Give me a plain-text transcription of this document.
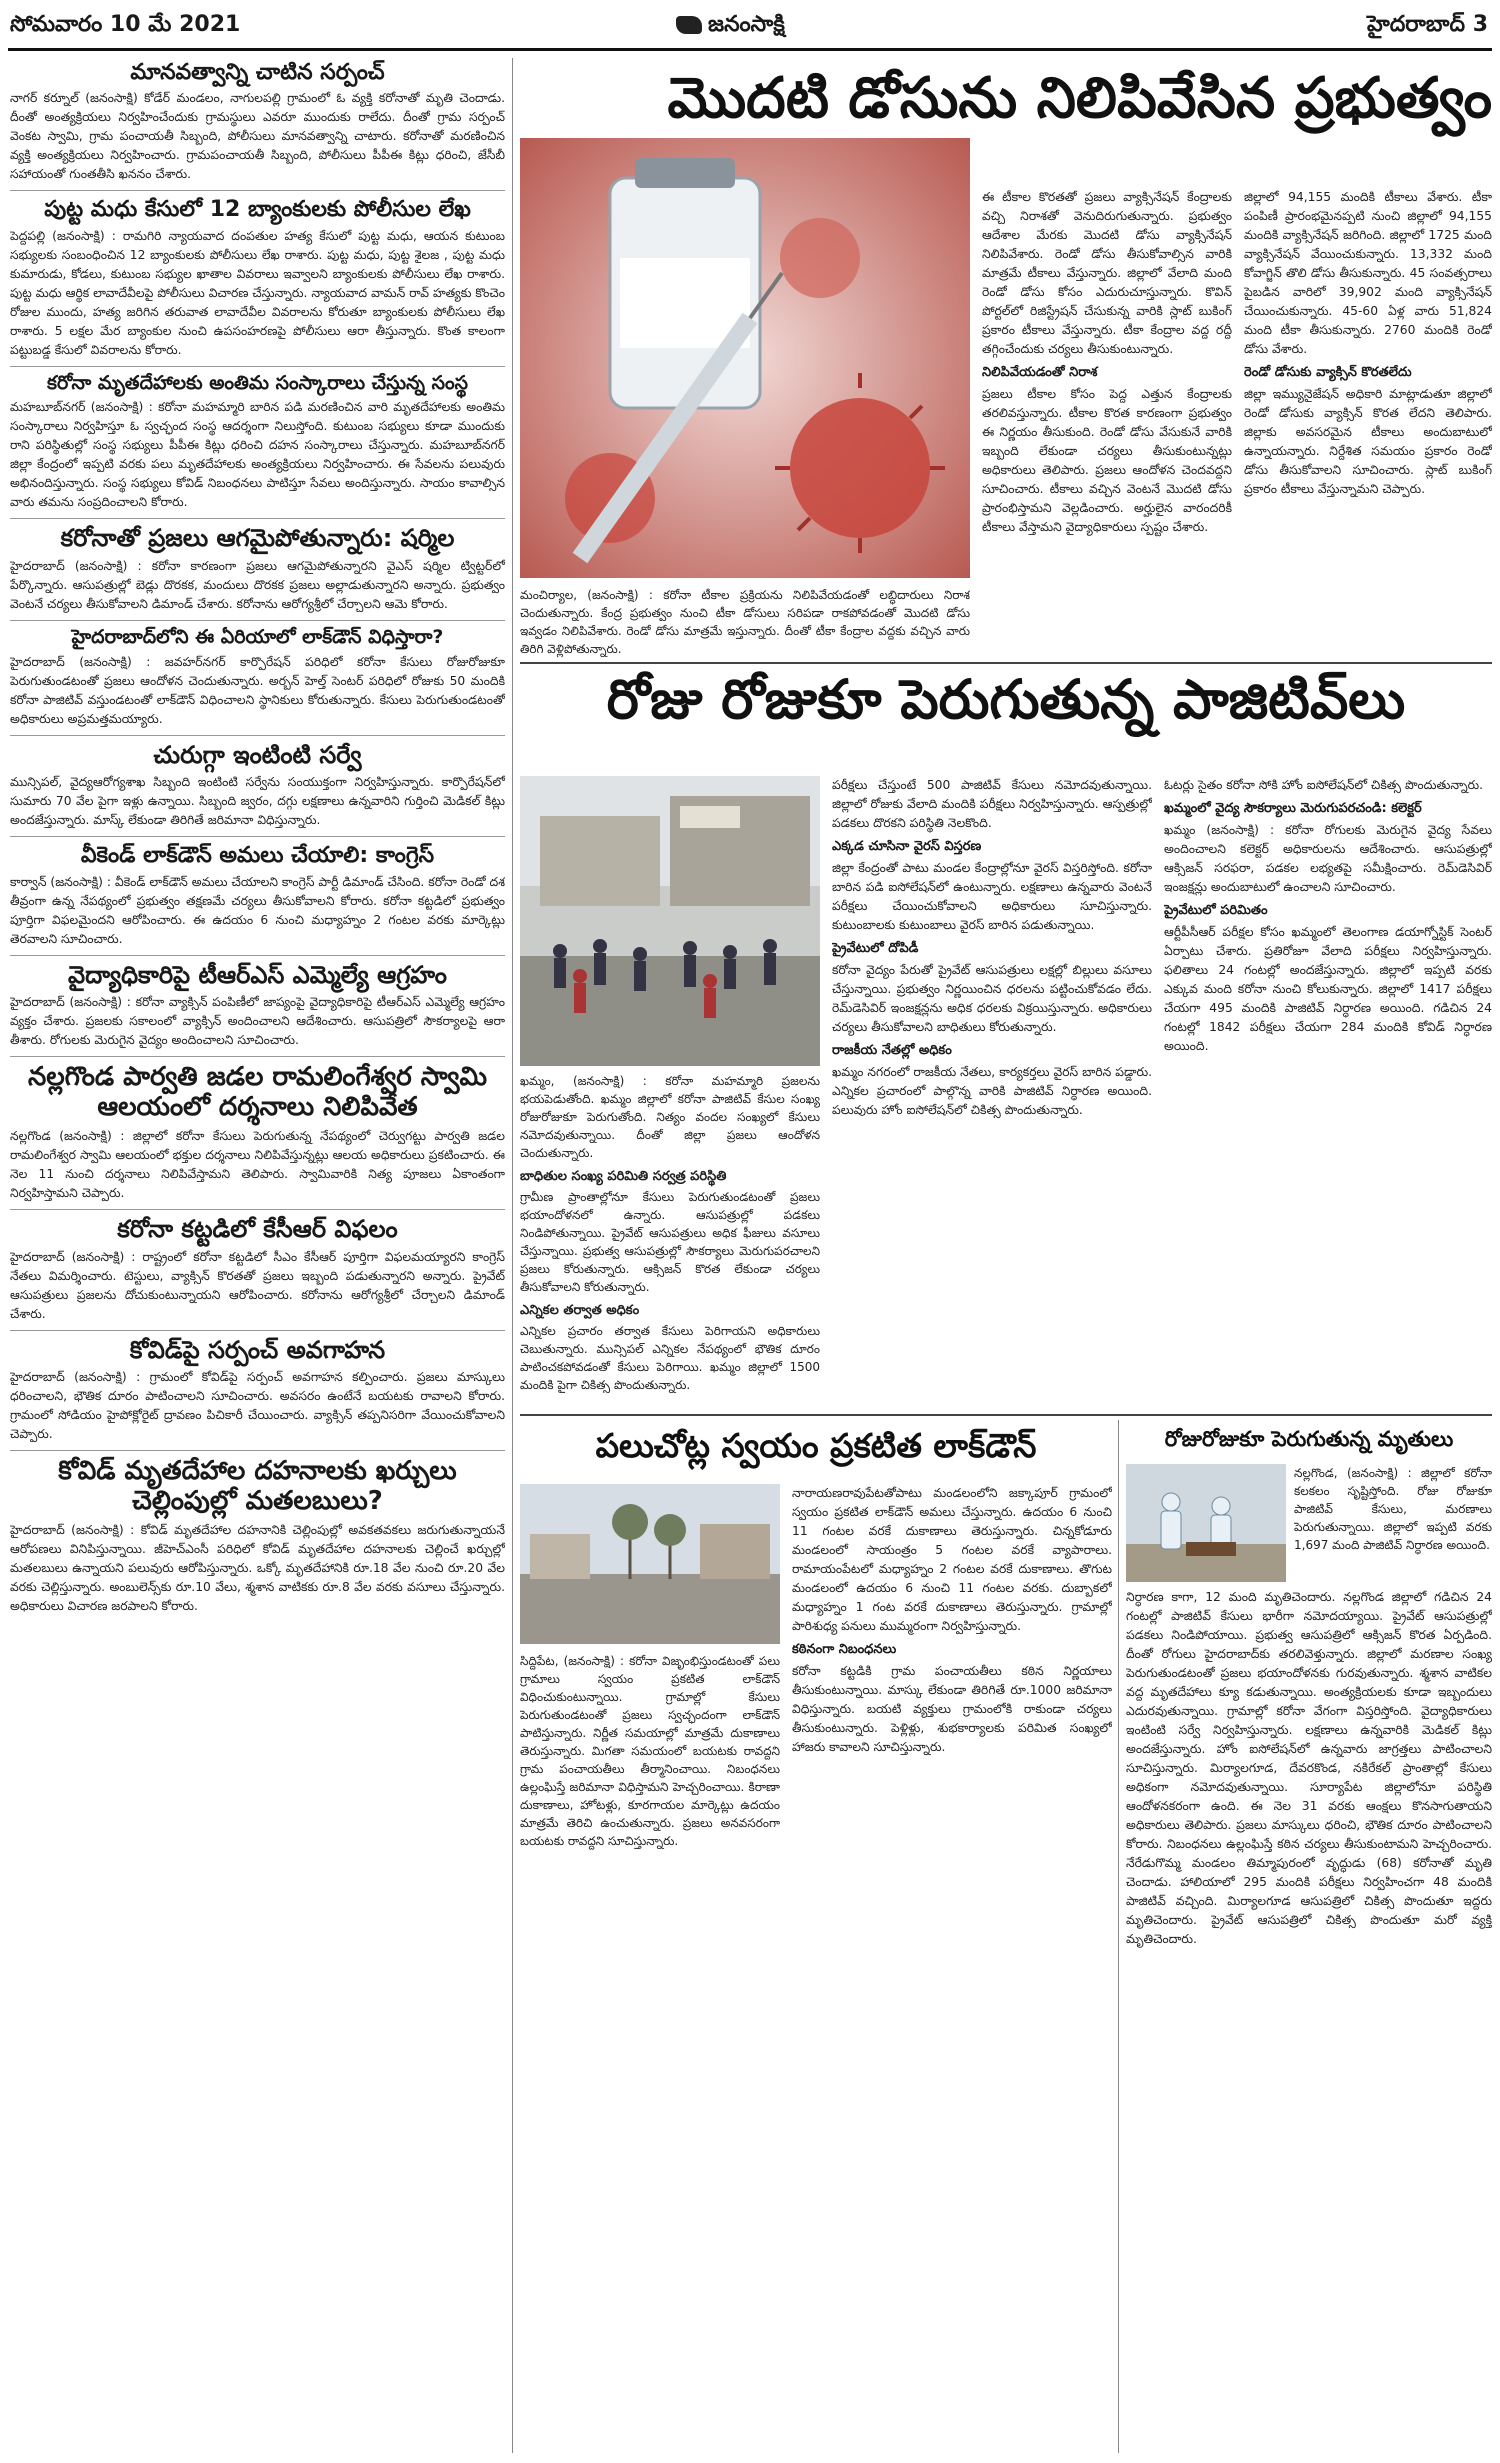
సోమవారం 10 మే 2021	జనంసాక్షి	హైదరాబాద్ 3
మానవత్వాన్ని చాటిన సర్పంచ్

నాగర్ కర్నూల్ (జనంసాక్షి) కోడేర్ మండలం, నాగులపల్లి గ్రామంలో ఓ వ్యక్తి కరోనాతో మృతి చెందాడు. దీంతో అంత్యక్రియలు నిర్వహించేందుకు గ్రామస్థులు ఎవరూ ముందుకు రాలేదు. దీంతో గ్రామ సర్పంచ్ వెంకట స్వామి, గ్రామ పంచాయతీ సిబ్బంది, పోలీసులు మానవత్వాన్ని చాటారు. కరోనాతో మరణించిన వ్యక్తి అంత్యక్రియలు నిర్వహించారు. గ్రామపంచాయతీ సిబ్బంది, పోలీసులు పీపీఈ కిట్లు ధరించి, జేసీబీ సహాయంతో గుంతతీసి ఖననం చేశారు.

పుట్ట మధు కేసులో 12 బ్యాంకులకు పోలీసుల లేఖ

పెద్దపల్లి (జనంసాక్షి) : రామగిరి న్యాయవాద దంపతుల హత్య కేసులో పుట్ట మధు, ఆయన కుటుంబ సభ్యులకు సంబంధించిన 12 బ్యాంకులకు పోలీసులు లేఖ రాశారు. పుట్ట మధు, పుట్ట శైలజ , పుట్ట మధు కుమారుడు, కోడలు, కుటుంబ సభ్యుల ఖాతాల వివరాలు ఇవ్వాలని బ్యాంకులకు పోలీసులు లేఖ రాశారు. పుట్ట మధు ఆర్థిక లావాదేవీలపై పోలీసులు విచారణ చేస్తున్నారు. న్యాయవాద వామన్ రావ్ హత్యకు కొంచెం రోజుల ముందు, హత్య జరిగిన తరువాత లావాదేవీల వివరాలను కోరుతూ బ్యాంకులకు పోలీసులు లేఖ రాశారు. 5 లక్షల మేర బ్యాంకుల నుంచి ఉపసంహరణపై పోలీసులు ఆరా తీస్తున్నారు. కొంత కాలంగా పట్టుబడ్డ కేసులో వివరాలను కోరారు.

కరోనా మృతదేహాలకు అంతిమ సంస్కారాలు చేస్తున్న సంస్థ

మహబూబ్‌నగర్ (జనంసాక్షి) : కరోనా మహమ్మారి బారిన పడి మరణించిన వారి మృతదేహాలకు అంతిమ సంస్కారాలు నిర్వహిస్తూ ఓ స్వచ్ఛంద సంస్థ ఆదర్శంగా నిలుస్తోంది. కుటుంబ సభ్యులు కూడా ముందుకు రాని పరిస్థితుల్లో సంస్థ సభ్యులు పీపీఈ కిట్లు ధరించి దహన సంస్కారాలు చేస్తున్నారు. మహబూబ్‌నగర్ జిల్లా కేంద్రంలో ఇప్పటి వరకు పలు మృతదేహాలకు అంత్యక్రియలు నిర్వహించారు. ఈ సేవలను పలువురు అభినందిస్తున్నారు. సంస్థ సభ్యులు కోవిడ్ నిబంధనలు పాటిస్తూ సేవలు అందిస్తున్నారు. సాయం కావాల్సిన వారు తమను సంప్రదించాలని కోరారు.

కరోనాతో ప్రజలు ఆగమైపోతున్నారు: షర్మిల

హైదరాబాద్ (జనంసాక్షి) : కరోనా కారణంగా ప్రజలు ఆగమైపోతున్నారని వైఎస్ షర్మిల ట్విట్టర్‌లో పేర్కొన్నారు. ఆసుపత్రుల్లో బెడ్లు దొరకక, మందులు దొరకక ప్రజలు అల్లాడుతున్నారని అన్నారు. ప్రభుత్వం వెంటనే చర్యలు తీసుకోవాలని డిమాండ్ చేశారు. కరోనాను ఆరోగ్యశ్రీలో చేర్చాలని ఆమె కోరారు.

హైదరాబాద్‌లోని ఈ ఏరియాలో లాక్‌డౌన్ విధిస్తారా?

హైదరాబాద్ (జనంసాక్షి) : జవహర్‌నగర్ కార్పొరేషన్ పరిధిలో కరోనా కేసులు రోజురోజుకూ పెరుగుతుండటంతో ప్రజలు ఆందోళన చెందుతున్నారు. అర్బన్ హెల్త్ సెంటర్ పరిధిలో రోజుకు 50 మందికి కరోనా పాజిటివ్ వస్తుండటంతో లాక్‌డౌన్ విధించాలని స్థానికులు కోరుతున్నారు. కేసులు పెరుగుతుండటంతో అధికారులు అప్రమత్తమయ్యారు.

చురుగ్గా ఇంటింటి సర్వే

మున్సిపల్, వైద్యఆరోగ్యశాఖ సిబ్బంది ఇంటింటి సర్వేను సంయుక్తంగా నిర్వహిస్తున్నారు. కార్పొరేషన్‌లో సుమారు 70 వేల పైగా ఇళ్లు ఉన్నాయి. సిబ్బంది జ్వరం, దగ్గు లక్షణాలు ఉన్నవారిని గుర్తించి మెడికల్ కిట్లు అందజేస్తున్నారు. మాస్క్ లేకుండా తిరిగితే జరిమానా విధిస్తున్నారు.

వీకెండ్ లాక్‌డౌన్ అమలు చేయాలి: కాంగ్రెస్

కార్వాన్ (జనంసాక్షి) : వీకెండ్ లాక్‌డౌన్ అమలు చేయాలని కాంగ్రెస్ పార్టీ డిమాండ్ చేసింది. కరోనా రెండో దశ తీవ్రంగా ఉన్న నేపథ్యంలో ప్రభుత్వం తక్షణమే చర్యలు తీసుకోవాలని కోరారు. కరోనా కట్టడిలో ప్రభుత్వం పూర్తిగా విఫలమైందని ఆరోపించారు. ఈ ఉదయం 6 నుంచి మధ్యాహ్నం 2 గంటల వరకు మార్కెట్లు తెరవాలని సూచించారు.

వైద్యాధికారిపై టీఆర్ఎస్ ఎమ్మెల్యే ఆగ్రహం

హైదరాబాద్ (జనంసాక్షి) : కరోనా వ్యాక్సిన్ పంపిణీలో జాప్యంపై వైద్యాధికారిపై టీఆర్ఎస్ ఎమ్మెల్యే ఆగ్రహం వ్యక్తం చేశారు. ప్రజలకు సకాలంలో వ్యాక్సిన్ అందించాలని ఆదేశించారు. ఆసుపత్రిలో సౌకర్యాలపై ఆరా తీశారు. రోగులకు మెరుగైన వైద్యం అందించాలని సూచించారు.

నల్లగొండ పార్వతి జడల రామలింగేశ్వర స్వామి ఆలయంలో దర్శనాలు నిలిపివేత

నల్లగొండ (జనంసాక్షి) : జిల్లాలో కరోనా కేసులు పెరుగుతున్న నేపథ్యంలో చెర్వుగట్టు పార్వతి జడల రామలింగేశ్వర స్వామి ఆలయంలో భక్తుల దర్శనాలు నిలిపివేస్తున్నట్లు ఆలయ అధికారులు ప్రకటించారు. ఈ నెల 11 నుంచి దర్శనాలు నిలిపివేస్తామని తెలిపారు. స్వామివారికి నిత్య పూజలు ఏకాంతంగా నిర్వహిస్తామని చెప్పారు.

కరోనా కట్టడిలో కేసీఆర్ విఫలం

హైదరాబాద్ (జనంసాక్షి) : రాష్ట్రంలో కరోనా కట్టడిలో సీఎం కేసీఆర్ పూర్తిగా విఫలమయ్యారని కాంగ్రెస్ నేతలు విమర్శించారు. టెస్టులు, వ్యాక్సిన్ కొరతతో ప్రజలు ఇబ్బంది పడుతున్నారని అన్నారు. ప్రైవేట్ ఆసుపత్రులు ప్రజలను దోచుకుంటున్నాయని ఆరోపించారు. కరోనాను ఆరోగ్యశ్రీలో చేర్చాలని డిమాండ్ చేశారు.

కోవిడ్‌పై సర్పంచ్ అవగాహన

హైదరాబాద్ (జనంసాక్షి) : గ్రామంలో కోవిడ్‌పై సర్పంచ్ అవగాహన కల్పించారు. ప్రజలు మాస్కులు ధరించాలని, భౌతిక దూరం పాటించాలని సూచించారు. అవసరం ఉంటేనే బయటకు రావాలని కోరారు. గ్రామంలో సోడియం హైపోక్లోరైట్ ద్రావణం పిచికారీ చేయించారు. వ్యాక్సిన్ తప్పనిసరిగా వేయించుకోవాలని చెప్పారు.

కోవిడ్ మృతదేహాల దహనాలకు ఖర్చులు చెల్లింపుల్లో మతలబులు?

హైదరాబాద్ (జనంసాక్షి) : కోవిడ్ మృతదేహాల దహనానికి చెల్లింపుల్లో అవకతవకలు జరుగుతున్నాయనే ఆరోపణలు వినిపిస్తున్నాయి. జీహెచ్ఎంసీ పరిధిలో కోవిడ్ మృతదేహాల దహనాలకు చెల్లించే ఖర్చుల్లో మతలబులు ఉన్నాయని పలువురు ఆరోపిస్తున్నారు. ఒక్కో మృతదేహానికి రూ.18 వేల నుంచి రూ.20 వేల వరకు చెల్లిస్తున్నారు. అంబులెన్స్‌కు రూ.10 వేలు, శ్మశాన వాటికకు రూ.8 వేల వరకు వసూలు చేస్తున్నారు. అధికారులు విచారణ జరపాలని కోరారు.

మొదటి డోసును నిలిపివేసిన ప్రభుత్వం
మంచిర్యాల, (జనంసాక్షి) : కరోనా టీకాల ప్రక్రియను నిలిపివేయడంతో లబ్ధిదారులు నిరాశ చెందుతున్నారు. కేంద్ర ప్రభుత్వం నుంచి టీకా డోసులు సరిపడా రాకపోవడంతో మొదటి డోసు ఇవ్వడం నిలిపివేశారు. రెండో డోసు మాత్రమే ఇస్తున్నారు. దీంతో టీకా కేంద్రాల వద్దకు వచ్చిన వారు తిరిగి వెళ్లిపోతున్నారు.

ఈ టీకాల కొరతతో ప్రజలు వ్యాక్సినేషన్ కేంద్రాలకు వచ్చి నిరాశతో వెనుదిరుగుతున్నారు. ప్రభుత్వం ఆదేశాల మేరకు మొదటి డోసు వ్యాక్సినేషన్ నిలిపివేశారు. రెండో డోసు తీసుకోవాల్సిన వారికి మాత్రమే టీకాలు వేస్తున్నారు. జిల్లాలో వేలాది మంది రెండో డోసు కోసం ఎదురుచూస్తున్నారు. కొవిన్ పోర్టల్‌లో రిజిస్ట్రేషన్ చేసుకున్న వారికి స్లాట్ బుకింగ్ ప్రకారం టీకాలు వేస్తున్నారు. టీకా కేంద్రాల వద్ద రద్దీ తగ్గించేందుకు చర్యలు తీసుకుంటున్నారు.

నిలిపివేయడంతో నిరాశ

ప్రజలు టీకాల కోసం పెద్ద ఎత్తున కేంద్రాలకు తరలివస్తున్నారు. టీకాల కొరత కారణంగా ప్రభుత్వం ఈ నిర్ణయం తీసుకుంది. రెండో డోసు వేసుకునే వారికి ఇబ్బంది లేకుండా చర్యలు తీసుకుంటున్నట్లు అధికారులు తెలిపారు. ప్రజలు ఆందోళన చెందవద్దని సూచించారు. టీకాలు వచ్చిన వెంటనే మొదటి డోసు ప్రారంభిస్తామని వెల్లడించారు. అర్హులైన వారందరికీ టీకాలు వేస్తామని వైద్యాధికారులు స్పష్టం చేశారు.

జిల్లాలో 94,155 మందికి టీకాలు వేశారు. టీకా పంపిణీ ప్రారంభమైనప్పటి నుంచి జిల్లాలో 94,155 మందికి వ్యాక్సినేషన్ జరిగింది. జిల్లాలో 1725 మంది వ్యాక్సినేషన్ వేయించుకున్నారు. 13,332 మంది కోవాగ్జిన్ తొలి డోసు తీసుకున్నారు. 45 సంవత్సరాలు పైబడిన వారిలో 39,902 మంది వ్యాక్సినేషన్ చేయించుకున్నారు. 45-60 ఏళ్ల వారు 51,824 మంది టీకా తీసుకున్నారు. 2760 మందికి రెండో డోసు వేశారు.

రెండో డోసుకు వ్యాక్సిన్ కొరతలేదు

జిల్లా ఇమ్యునైజేషన్ అధికారి మాట్లాడుతూ జిల్లాలో రెండో డోసుకు వ్యాక్సిన్ కొరత లేదని తెలిపారు. జిల్లాకు అవసరమైన టీకాలు అందుబాటులో ఉన్నాయన్నారు. నిర్దేశిత సమయం ప్రకారం రెండో డోసు తీసుకోవాలని సూచించారు. స్లాట్ బుకింగ్ ప్రకారం టీకాలు వేస్తున్నామని చెప్పారు.

రోజు రోజుకూ పెరుగుతున్న పాజిటివ్‌లు
ఖమ్మం, (జనంసాక్షి) : కరోనా మహమ్మారి ప్రజలను భయపెడుతోంది. ఖమ్మం జిల్లాలో కరోనా పాజిటివ్ కేసుల సంఖ్య రోజురోజుకూ పెరుగుతోంది. నిత్యం వందల సంఖ్యలో కేసులు నమోదవుతున్నాయి. దీంతో జిల్లా ప్రజలు ఆందోళన చెందుతున్నారు.
బాధితుల సంఖ్య పరిమితి సర్వత్ర పరిస్థితి
గ్రామీణ ప్రాంతాల్లోనూ కేసులు పెరుగుతుండటంతో ప్రజలు భయాందోళనలో ఉన్నారు. ఆసుపత్రుల్లో పడకలు నిండిపోతున్నాయి. ప్రైవేట్ ఆసుపత్రులు అధిక ఫీజులు వసూలు చేస్తున్నాయి. ప్రభుత్వ ఆసుపత్రుల్లో సౌకర్యాలు మెరుగుపరచాలని ప్రజలు కోరుతున్నారు. ఆక్సిజన్ కొరత లేకుండా చర్యలు తీసుకోవాలని కోరుతున్నారు.
ఎన్నికల తర్వాత అధికం
ఎన్నికల ప్రచారం తర్వాత కేసులు పెరిగాయని అధికారులు చెబుతున్నారు. మున్సిపల్ ఎన్నికల నేపథ్యంలో భౌతిక దూరం పాటించకపోవడంతో కేసులు పెరిగాయి. ఖమ్మం జిల్లాలో 1500 మందికి పైగా చికిత్స పొందుతున్నారు.

పరీక్షలు చేస్తుంటే 500 పాజిటివ్ కేసులు నమోదవుతున్నాయి. జిల్లాలో రోజుకు వేలాది మందికి పరీక్షలు నిర్వహిస్తున్నారు. ఆస్పత్రుల్లో పడకలు దొరకని పరిస్థితి నెలకొంది.

ఎక్కడ చూసినా వైరస్ విస్తరణ

జిల్లా కేంద్రంతో పాటు మండల కేంద్రాల్లోనూ వైరస్ విస్తరిస్తోంది. కరోనా బారిన పడి ఐసోలేషన్‌లో ఉంటున్నారు. లక్షణాలు ఉన్నవారు వెంటనే పరీక్షలు చేయించుకోవాలని అధికారులు సూచిస్తున్నారు. కుటుంబాలకు కుటుంబాలు వైరస్ బారిన పడుతున్నాయి.

ప్రైవేటులో దోపిడీ

కరోనా వైద్యం పేరుతో ప్రైవేట్ ఆసుపత్రులు లక్షల్లో బిల్లులు వసూలు చేస్తున్నాయి. ప్రభుత్వం నిర్ణయించిన ధరలను పట్టించుకోవడం లేదు. రెమ్‌డెసివిర్ ఇంజక్షన్లను అధిక ధరలకు విక్రయిస్తున్నారు. అధికారులు చర్యలు తీసుకోవాలని బాధితులు కోరుతున్నారు.

రాజకీయ నేతల్లో అధికం

ఖమ్మం నగరంలో రాజకీయ నేతలు, కార్యకర్తలు వైరస్ బారిన పడ్డారు. ఎన్నికల ప్రచారంలో పాల్గొన్న వారికి పాజిటివ్ నిర్ధారణ అయింది. పలువురు హోం ఐసోలేషన్‌లో చికిత్స పొందుతున్నారు.

ఓటర్లు సైతం కరోనా సోకి హోం ఐసోలేషన్‌లో చికిత్స పొందుతున్నారు.

ఖమ్మంలో వైద్య సౌకర్యాలు మెరుగుపరచండి: కలెక్టర్

ఖమ్మం (జనంసాక్షి) : కరోనా రోగులకు మెరుగైన వైద్య సేవలు అందించాలని కలెక్టర్ అధికారులను ఆదేశించారు. ఆసుపత్రుల్లో ఆక్సిజన్ సరఫరా, పడకల లభ్యతపై సమీక్షించారు. రెమ్‌డెసివిర్ ఇంజక్షన్లు అందుబాటులో ఉంచాలని సూచించారు.

ప్రైవేటులో పరిమితం

ఆర్టీపీసీఆర్ పరీక్షల కోసం ఖమ్మంలో తెలంగాణ డయాగ్నోస్టిక్ సెంటర్ ఏర్పాటు చేశారు. ప్రతిరోజూ వేలాది పరీక్షలు నిర్వహిస్తున్నారు. ఫలితాలు 24 గంటల్లో అందజేస్తున్నారు. జిల్లాలో ఇప్పటి వరకు ఎక్కువ మంది కరోనా నుంచి కోలుకున్నారు. జిల్లాలో 1417 పరీక్షలు చేయగా 495 మందికి పాజిటివ్ నిర్ధారణ అయింది. గడిచిన 24 గంటల్లో 1842 పరీక్షలు చేయగా 284 మందికి కోవిడ్ నిర్ధారణ అయింది.

పలుచోట్ల స్వయం ప్రకటిత లాక్‌డౌన్
సిద్దిపేట, (జనంసాక్షి) : కరోనా విజృంభిస్తుండటంతో పలు గ్రామాలు స్వయం ప్రకటిత లాక్‌డౌన్ విధించుకుంటున్నాయి. గ్రామాల్లో కేసులు పెరుగుతుండటంతో ప్రజలు స్వచ్ఛందంగా లాక్‌డౌన్ పాటిస్తున్నారు. నిర్ణీత సమయాల్లో మాత్రమే దుకాణాలు తెరుస్తున్నారు. మిగతా సమయంలో బయటకు రావద్దని గ్రామ పంచాయతీలు తీర్మానించాయి. నిబంధనలు ఉల్లంఘిస్తే జరిమానా విధిస్తామని హెచ్చరించాయి. కిరాణా దుకాణాలు, హోటళ్లు, కూరగాయల మార్కెట్లు ఉదయం మాత్రమే తెరిచి ఉంచుతున్నారు. ప్రజలు అనవసరంగా బయటకు రావద్దని సూచిస్తున్నారు.

నారాయణరావుపేటతోపాటు మండలంలోని జక్కాపూర్ గ్రామంలో స్వయం ప్రకటిత లాక్‌డౌన్ అమలు చేస్తున్నారు. ఉదయం 6 నుంచి 11 గంటల వరకే దుకాణాలు తెరుస్తున్నారు. చిన్నకోడూరు మండలంలో సాయంత్రం 5 గంటల వరకే వ్యాపారాలు. రామాయంపేటలో మధ్యాహ్నం 2 గంటల వరకే దుకాణాలు. తొగుట మండలంలో ఉదయం 6 నుంచి 11 గంటల వరకు. దుబ్బాకలో మధ్యాహ్నం 1 గంట వరకే దుకాణాలు తెరుస్తున్నారు. గ్రామాల్లో పారిశుధ్య పనులు ముమ్మరంగా నిర్వహిస్తున్నారు.

కఠినంగా నిబంధనలు

కరోనా కట్టడికి గ్రామ పంచాయతీలు కఠిన నిర్ణయాలు తీసుకుంటున్నాయి. మాస్కు లేకుండా తిరిగితే రూ.1000 జరిమానా విధిస్తున్నారు. బయటి వ్యక్తులు గ్రామంలోకి రాకుండా చర్యలు తీసుకుంటున్నారు. పెళ్లిళ్లు, శుభకార్యాలకు పరిమిత సంఖ్యలో హాజరు కావాలని సూచిస్తున్నారు.

రోజురోజుకూ పెరుగుతున్న మృతులు
నల్లగొండ, (జనంసాక్షి) : జిల్లాలో కరోనా కలకలం సృష్టిస్తోంది. రోజు రోజుకూ పాజిటివ్ కేసులు, మరణాలు పెరుగుతున్నాయి. జిల్లాలో ఇప్పటి వరకు 1,697 మంది పాజిటివ్ నిర్ధారణ అయింది.

నిర్ధారణ కాగా, 12 మంది మృతిచెందారు. నల్లగొండ జిల్లాలో గడిచిన 24 గంటల్లో పాజిటివ్ కేసులు భారీగా నమోదయ్యాయి. ప్రైవేట్ ఆసుపత్రుల్లో పడకలు నిండిపోయాయి. ప్రభుత్వ ఆసుపత్రిలో ఆక్సిజన్ కొరత ఏర్పడింది. దీంతో రోగులు హైదరాబాద్‌కు తరలివెళ్తున్నారు. జిల్లాలో మరణాల సంఖ్య పెరుగుతుండటంతో ప్రజలు భయాందోళనకు గురవుతున్నారు. శ్మశాన వాటికల వద్ద మృతదేహాలు క్యూ కడుతున్నాయి. అంత్యక్రియలకు కూడా ఇబ్బందులు ఎదురవుతున్నాయి. గ్రామాల్లో కరోనా వేగంగా విస్తరిస్తోంది. వైద్యాధికారులు ఇంటింటి సర్వే నిర్వహిస్తున్నారు. లక్షణాలు ఉన్నవారికి మెడికల్ కిట్లు అందజేస్తున్నారు. హోం ఐసోలేషన్‌లో ఉన్నవారు జాగ్రత్తలు పాటించాలని సూచిస్తున్నారు. మిర్యాలగూడ, దేవరకొండ, నకిరేకల్ ప్రాంతాల్లో కేసులు అధికంగా నమోదవుతున్నాయి. సూర్యాపేట జిల్లాలోనూ పరిస్థితి ఆందోళనకరంగా ఉంది. ఈ నెల 31 వరకు ఆంక్షలు కొనసాగుతాయని అధికారులు తెలిపారు. ప్రజలు మాస్కులు ధరించి, భౌతిక దూరం పాటించాలని కోరారు. నిబంధనలు ఉల్లంఘిస్తే కఠిన చర్యలు తీసుకుంటామని హెచ్చరించారు. నేరేడుగొమ్మ మండలం తిమ్మాపురంలో వృద్ధుడు (68) కరోనాతో మృతి చెందాడు. హాలియాలో 295 మందికి పరీక్షలు నిర్వహించగా 48 మందికి పాజిటివ్ వచ్చింది. మిర్యాలగూడ ఆసుపత్రిలో చికిత్స పొందుతూ ఇద్దరు మృతిచెందారు. ప్రైవేట్ ఆసుపత్రిలో చికిత్స పొందుతూ మరో వ్యక్తి మృతిచెందారు.
